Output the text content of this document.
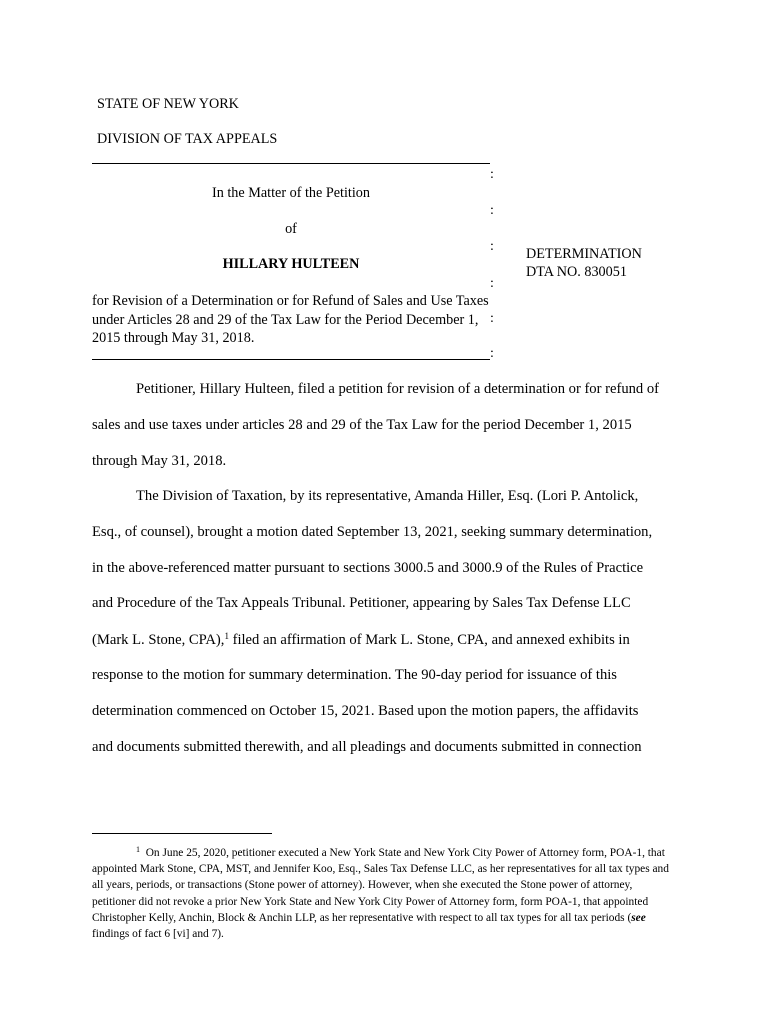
STATE OF NEW YORK
DIVISION OF TAX APPEALS
In the Matter of the Petition
of
HILLARY HULTEEN
for Revision of a Determination or for Refund of Sales and Use Taxes under Articles 28 and 29 of the Tax Law for the Period December 1, 2015 through May 31, 2018.
:
:
:
:
:
:
DETERMINATION
DTA NO. 830051
Petitioner, Hillary Hulteen, filed a petition for revision of a determination or for refund of
sales and use taxes under articles 28 and 29 of the Tax Law for the period December 1, 2015
through May 31, 2018.
The Division of Taxation, by its representative, Amanda Hiller, Esq. (Lori P. Antolick,
Esq., of counsel), brought a motion dated September 13, 2021, seeking summary determination,
in the above-referenced matter pursuant to sections 3000.5 and 3000.9 of the Rules of Practice
and Procedure of the Tax Appeals Tribunal. Petitioner, appearing by Sales Tax Defense LLC
(Mark L. Stone, CPA),$^1$ filed an affirmation of Mark L. Stone, CPA, and annexed exhibits in
response to the motion for summary determination. The 90-day period for issuance of this
determination commenced on October 15, 2021. Based upon the motion papers, the affidavits
and documents submitted therewith, and all pleadings and documents submitted in connection
$^1$ On June 25, 2020, petitioner executed a New York State and New York City Power of Attorney form, POA-1, that appointed Mark Stone, CPA, MST, and Jennifer Koo, Esq., Sales Tax Defense LLC, as her representatives for all tax types and all years, periods, or transactions (Stone power of attorney). However, when she executed the Stone power of attorney, petitioner did not revoke a prior New York State and New York City Power of Attorney form, form POA-1, that appointed Christopher Kelly, Anchin, Block & Anchin LLP, as her representative with respect to all tax types for all tax periods (see findings of fact 6 [vi] and 7).
